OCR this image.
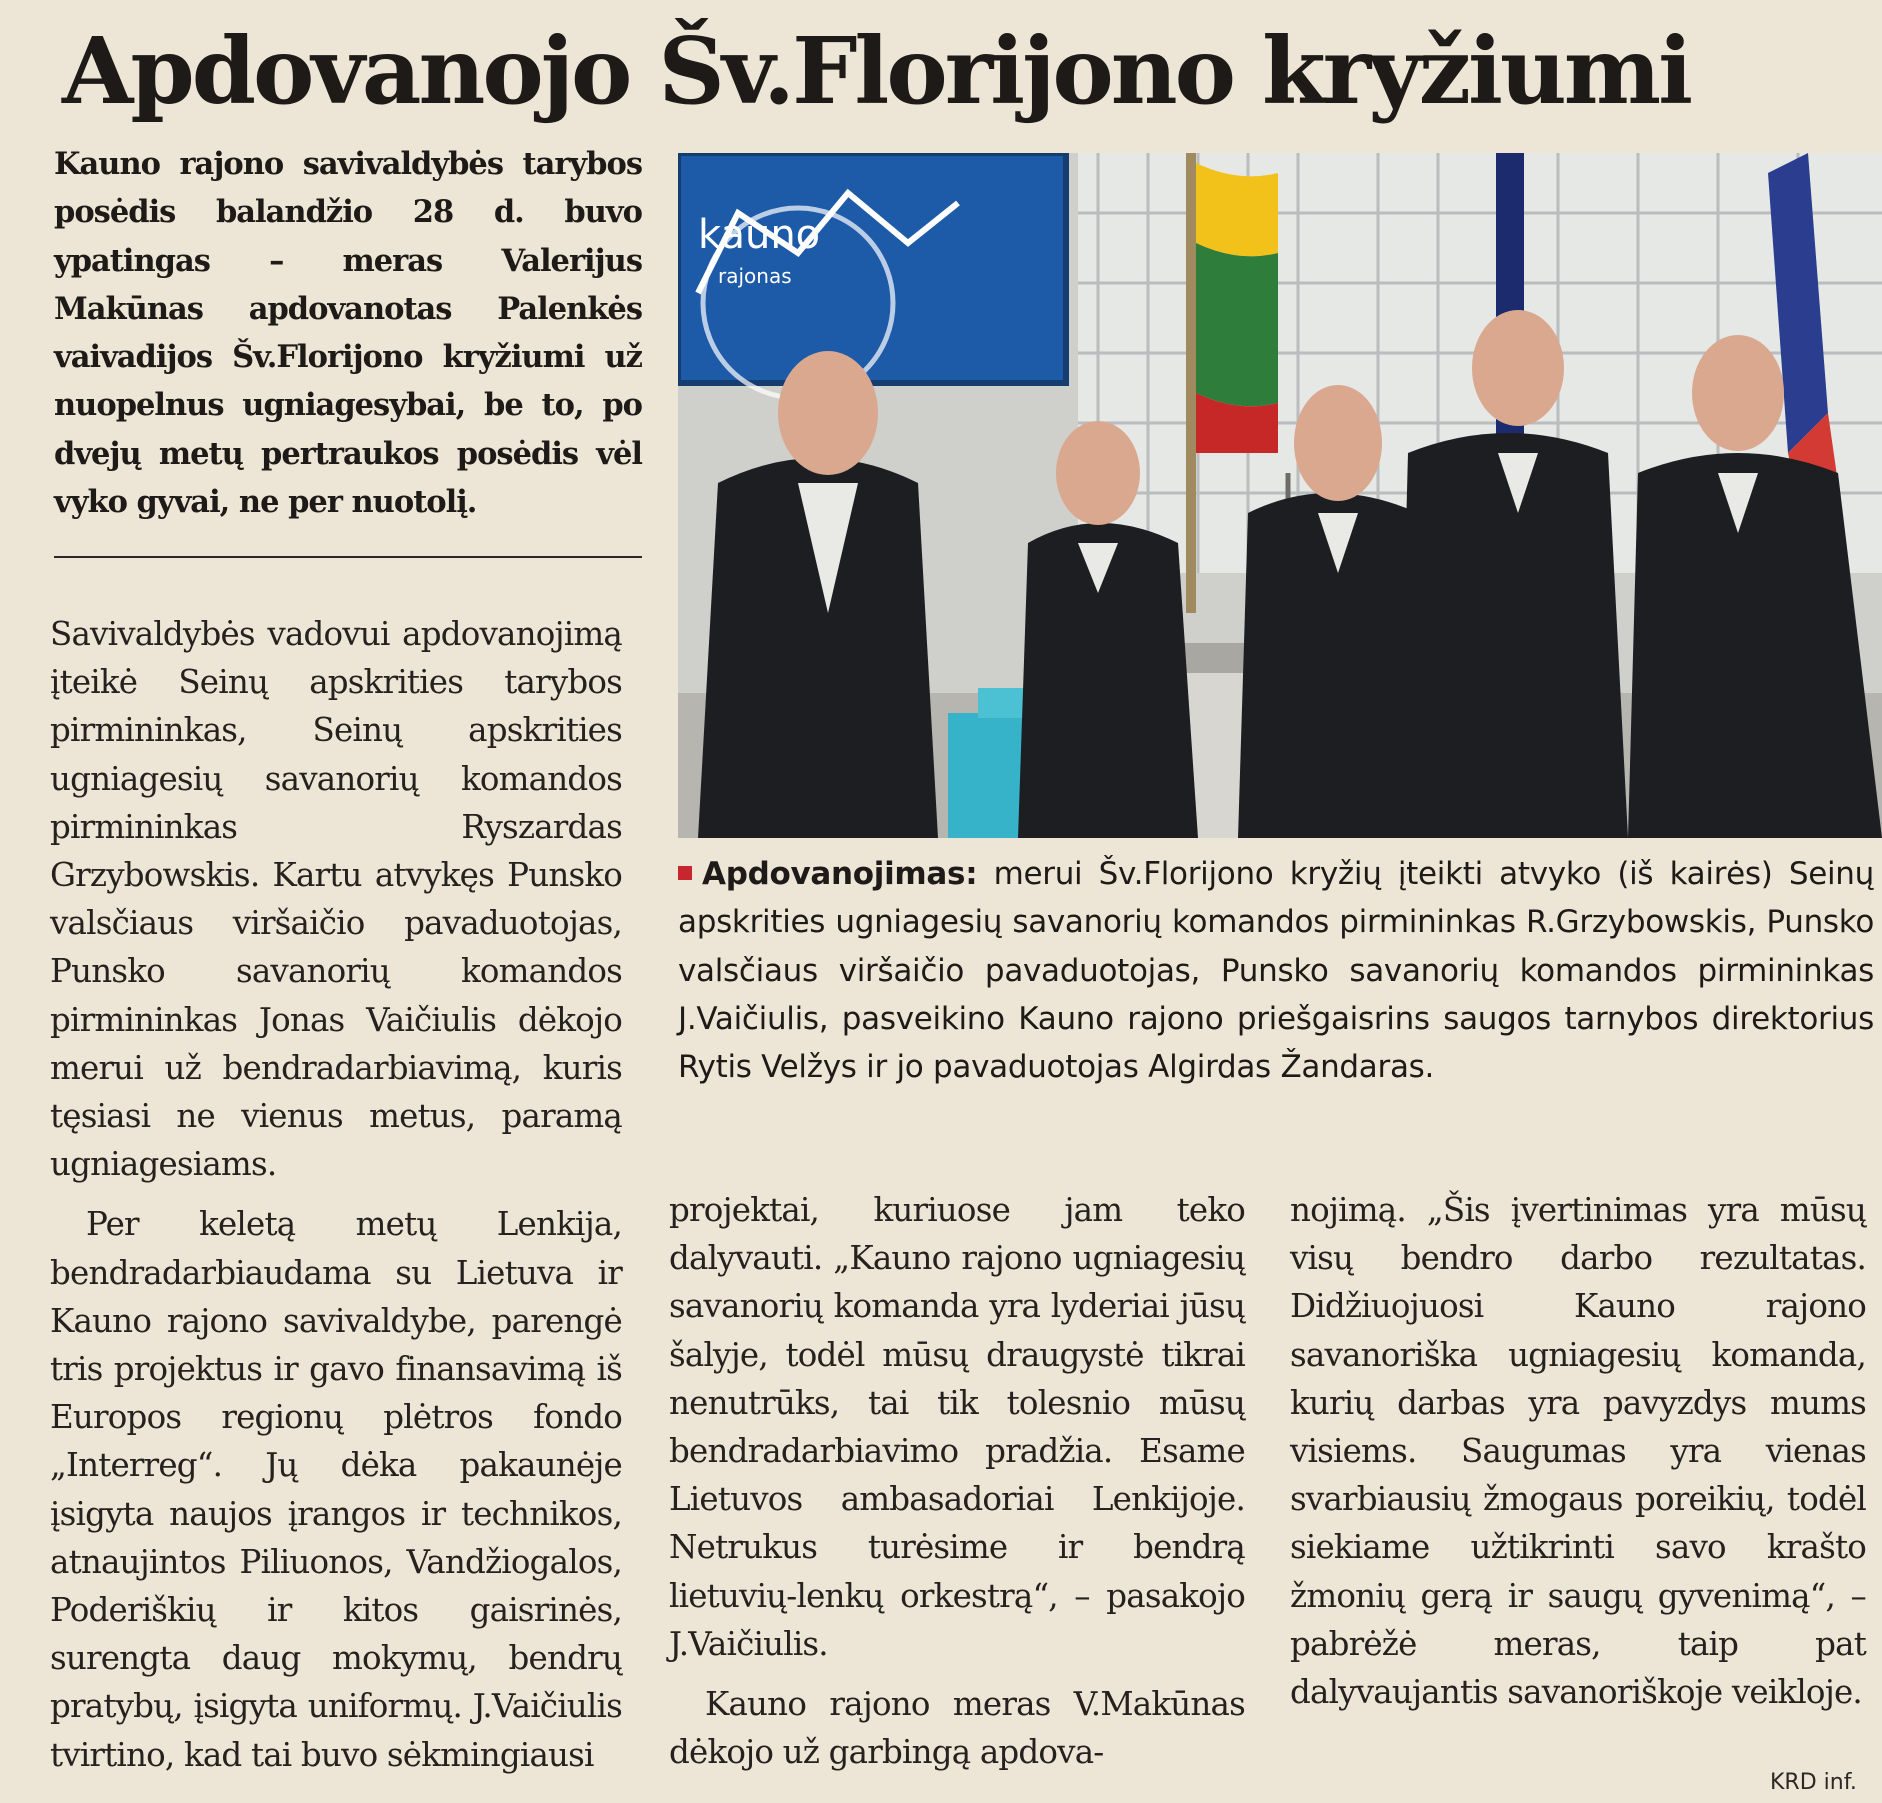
Apdovanojo Šv.Florijono kryžiumi

Kauno rajono savivaldybės tarybos posėdis balandžio 28 d. buvo ypatingas – meras Valerijus Makūnas apdovanotas Palenkės vaivadijos Šv.Florijono kryžiumi už nuopelnus ugniagesybai, be to, po dvejų metų pertraukos posėdis vėl vyko gyvai, ne per nuotolį.

kauno
rajonas

Apdovanojimas: merui Šv.Florijono kryžių įteikti atvyko (iš kairės) Seinų apskrities ugniagesių savanorių komandos pirmininkas R.Grzybowskis, Punsko valsčiaus viršaičio pavaduotojas, Punsko savanorių komandos pirmininkas J.Vaičiulis, pasveikino Kauno rajono priešgaisrins saugos tarnybos direktorius Rytis Velžys ir jo pavaduotojas Algirdas Žandaras.

Savivaldybės vadovui apdovanojimą įteikė Seinų apskrities tarybos pirmininkas, Seinų apskrities ugniagesių savanorių komandos pirmininkas Ryszardas Grzybowskis. Kartu atvykęs Punsko valsčiaus viršaičio pavaduotojas, Punsko savanorių komandos pirmininkas Jonas Vaičiulis dėkojo merui už bendradarbiavimą, kuris tęsiasi ne vienus metus, paramą ugniagesiams.

Per keletą metų Lenkija, bendradarbiaudama su Lietuva ir Kauno rajono savivaldybe, parengė tris projektus ir gavo finansavimą iš Europos regionų plėtros fondo „Interreg“. Jų dėka pakaunėje įsigyta naujos įrangos ir technikos, atnaujintos Piliuonos, Vandžiogalos, Poderiškių ir kitos gaisrinės, surengta daug mokymų, bendrų pratybų, įsigyta uniformų. J.Vaičiulis tvirtino, kad tai buvo sėkmingiausi

projektai, kuriuose jam teko dalyvauti. „Kauno rajono ugniagesių savanorių komanda yra lyderiai jūsų šalyje, todėl mūsų draugystė tikrai nenutrūks, tai tik tolesnio mūsų bendradarbiavimo pradžia. Esame Lietuvos ambasadoriai Lenkijoje. Netrukus turėsime ir bendrą lietuvių-lenkų orkestrą“, – pasakojo J.Vaičiulis.

Kauno rajono meras V.Makūnas dėkojo už garbingą apdova-

nojimą. „Šis įvertinimas yra mūsų visų bendro darbo rezultatas. Didžiuojuosi Kauno rajono savanoriška ugniagesių komanda, kurių darbas yra pavyzdys mums visiems. Saugumas yra vienas svarbiausių žmogaus poreikių, todėl siekiame užtikrinti savo krašto žmonių gerą ir saugų gyvenimą“, – pabrėžė meras, taip pat dalyvaujantis savanoriškoje veikloje.

KRD inf.
